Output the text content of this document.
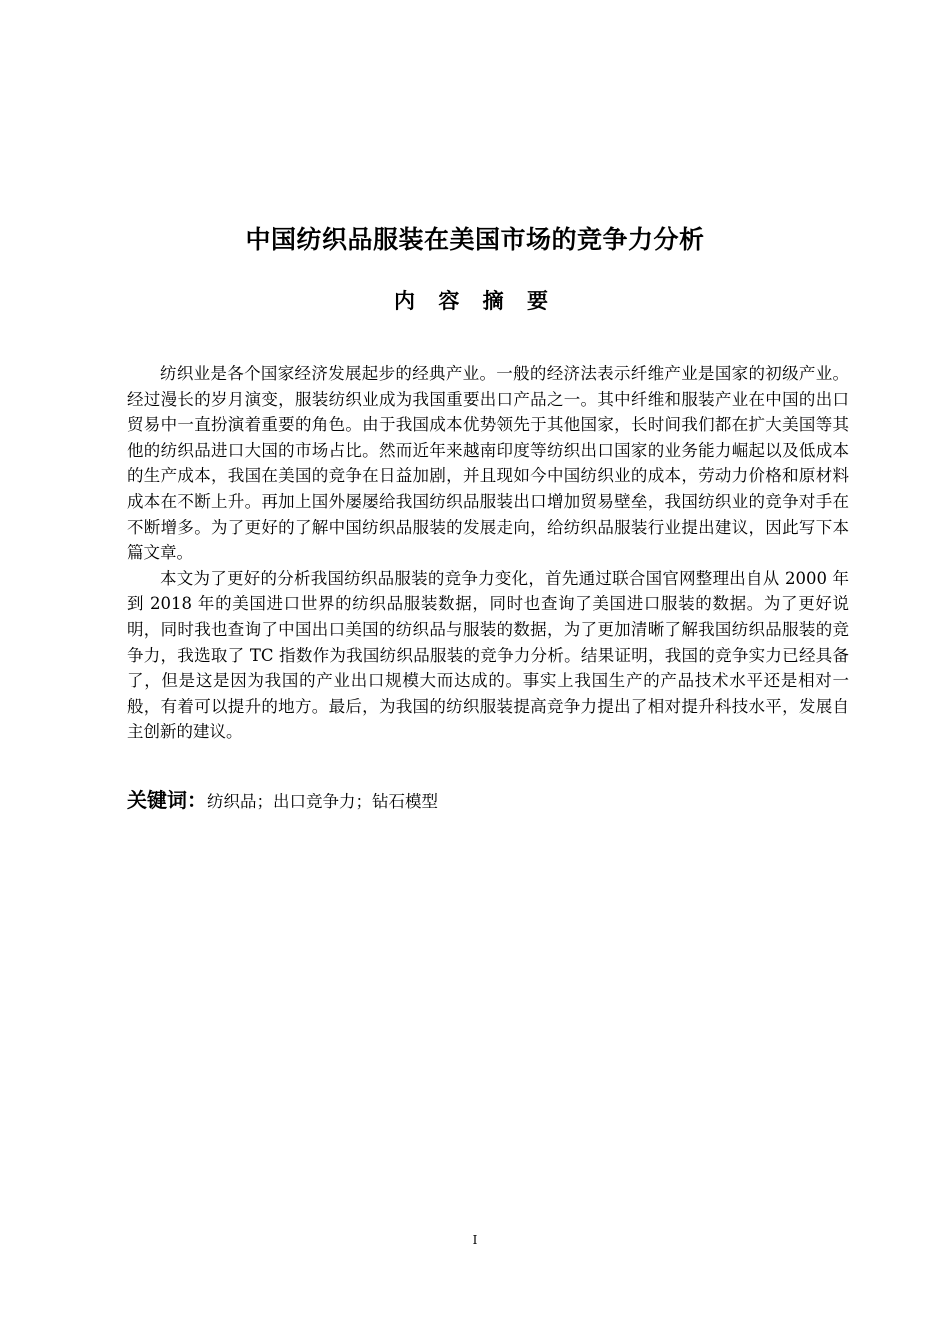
中国纺织品服装在美国市场的竞争力分析
内 容 摘 要

纺织业是各个国家经济发展起步的经典产业。一般的经济法表示纤维产业是国家的初级产业。经过漫长的岁月演变，服装纺织业成为我国重要出口产品之一。其中纤维和服装产业在中国的出口贸易中一直扮演着重要的角色。由于我国成本优势领先于其他国家，长时间我们都在扩大美国等其他的纺织品进口大国的市场占比。然而近年来越南印度等纺织出口国家的业务能力崛起以及低成本的生产成本，我国在美国的竞争在日益加剧，并且现如今中国纺织业的成本，劳动力价格和原材料成本在不断上升。再加上国外屡屡给我国纺织品服装出口增加贸易壁垒，我国纺织业的竞争对手在不断增多。为了更好的了解中国纺织品服装的发展走向，给纺织品服装行业提出建议，因此写下本篇文章。

本文为了更好的分析我国纺织品服装的竞争力变化，首先通过联合国官网整理出自从 2000 年到 2018 年的美国进口世界的纺织品服装数据，同时也查询了美国进口服装的数据。为了更好说明，同时我也查询了中国出口美国的纺织品与服装的数据，为了更加清晰了解我国纺织品服装的竞争力，我选取了 TC 指数作为我国纺织品服装的竞争力分析。结果证明，我国的竞争实力已经具备了，但是这是因为我国的产业出口规模大而达成的。事实上我国生产的产品技术水平还是相对一般，有着可以提升的地方。最后，为我国的纺织服装提高竞争力提出了相对提升科技水平，发展自主创新的建议。

关键词：纺织品；出口竞争力；钻石模型
I
